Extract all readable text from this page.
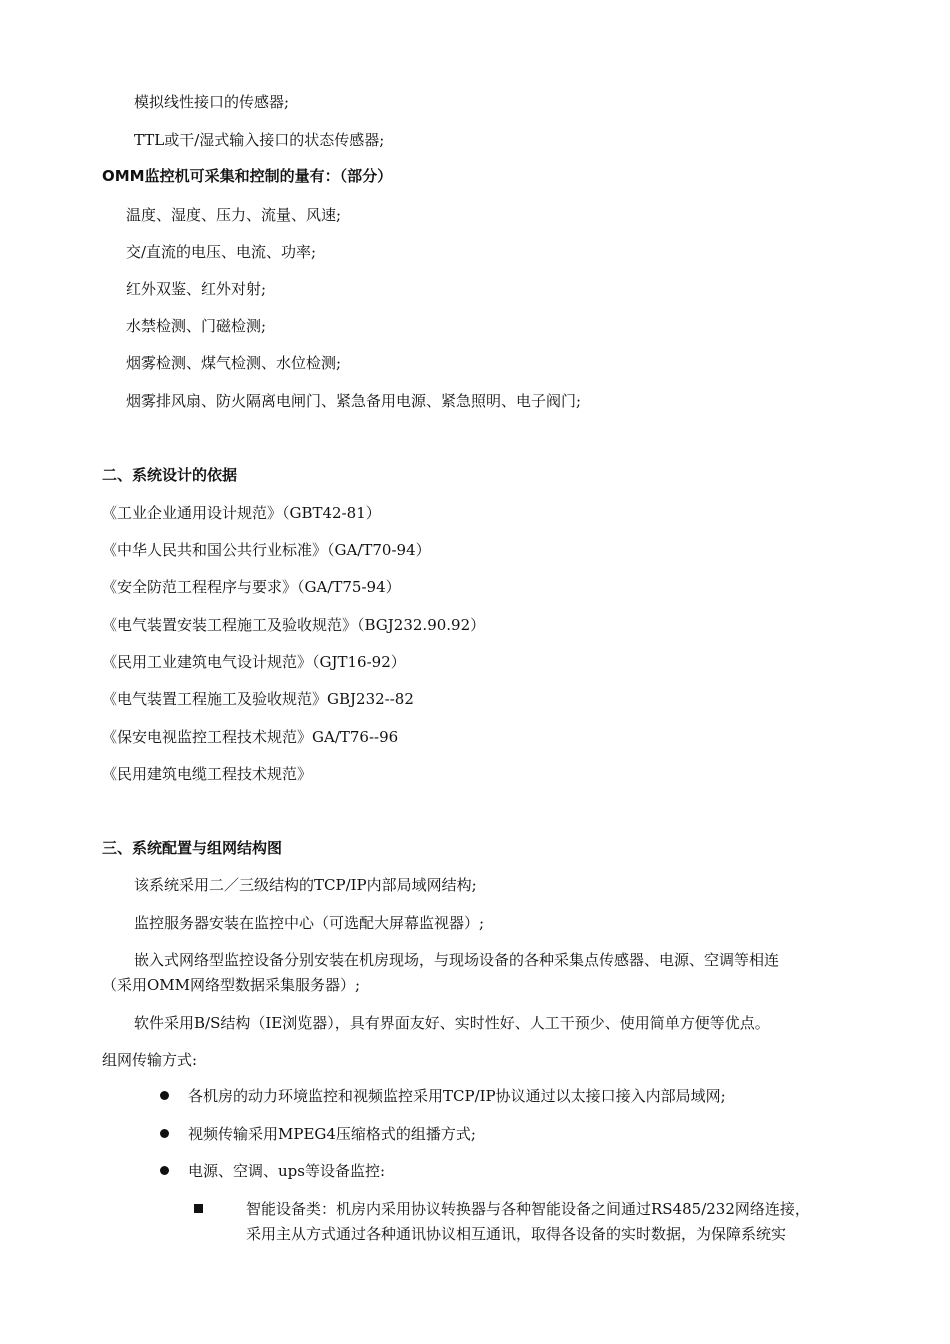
模拟线性接口的传感器;
TTL或干/湿式输入接口的状态传感器;
OMM监控机可采集和控制的量有：（部分）
温度、湿度、压力、流量、风速;
交/直流的电压、电流、功率;
红外双鉴、红外对射;
水禁检测、门磁检测;
烟雾检测、煤气检测、水位检测;
烟雾排风扇、防火隔离电闸门、紧急备用电源、紧急照明、电子阀门;
二、系统设计的依据
《工业企业通用设计规范》（GBT42-81）
《中华人民共和国公共行业标准》（GA/T70-94）
《安全防范工程程序与要求》（GA/T75-94）
《电气装置安装工程施工及验收规范》（BGJ232.90.92）
《民用工业建筑电气设计规范》（GJT16-92）
《电气装置工程施工及验收规范》GBJ232--82
《保安电视监控工程技术规范》GA/T76--96
《民用建筑电缆工程技术规范》
三、系统配置与组网结构图
该系统采用二／三级结构的TCP/IP内部局域网结构;
监控服务器安装在监控中心（可选配大屏幕监视器）;
嵌入式网络型监控设备分别安装在机房现场，与现场设备的各种采集点传感器、电源、空调等相连
（采用OMM网络型数据采集服务器）;
软件采用B/S结构（IE浏览器），具有界面友好、实时性好、人工干预少、使用简单方便等优点。
组网传输方式:
各机房的动力环境监控和视频监控采用TCP/IP协议通过以太接口接入内部局域网;
视频传输采用MPEG4压缩格式的组播方式;
电源、空调、ups等设备监控:
智能设备类：机房内采用协议转换器与各种智能设备之间通过RS485/232网络连接，
采用主从方式通过各种通讯协议相互通讯，取得各设备的实时数据，为保障系统实
